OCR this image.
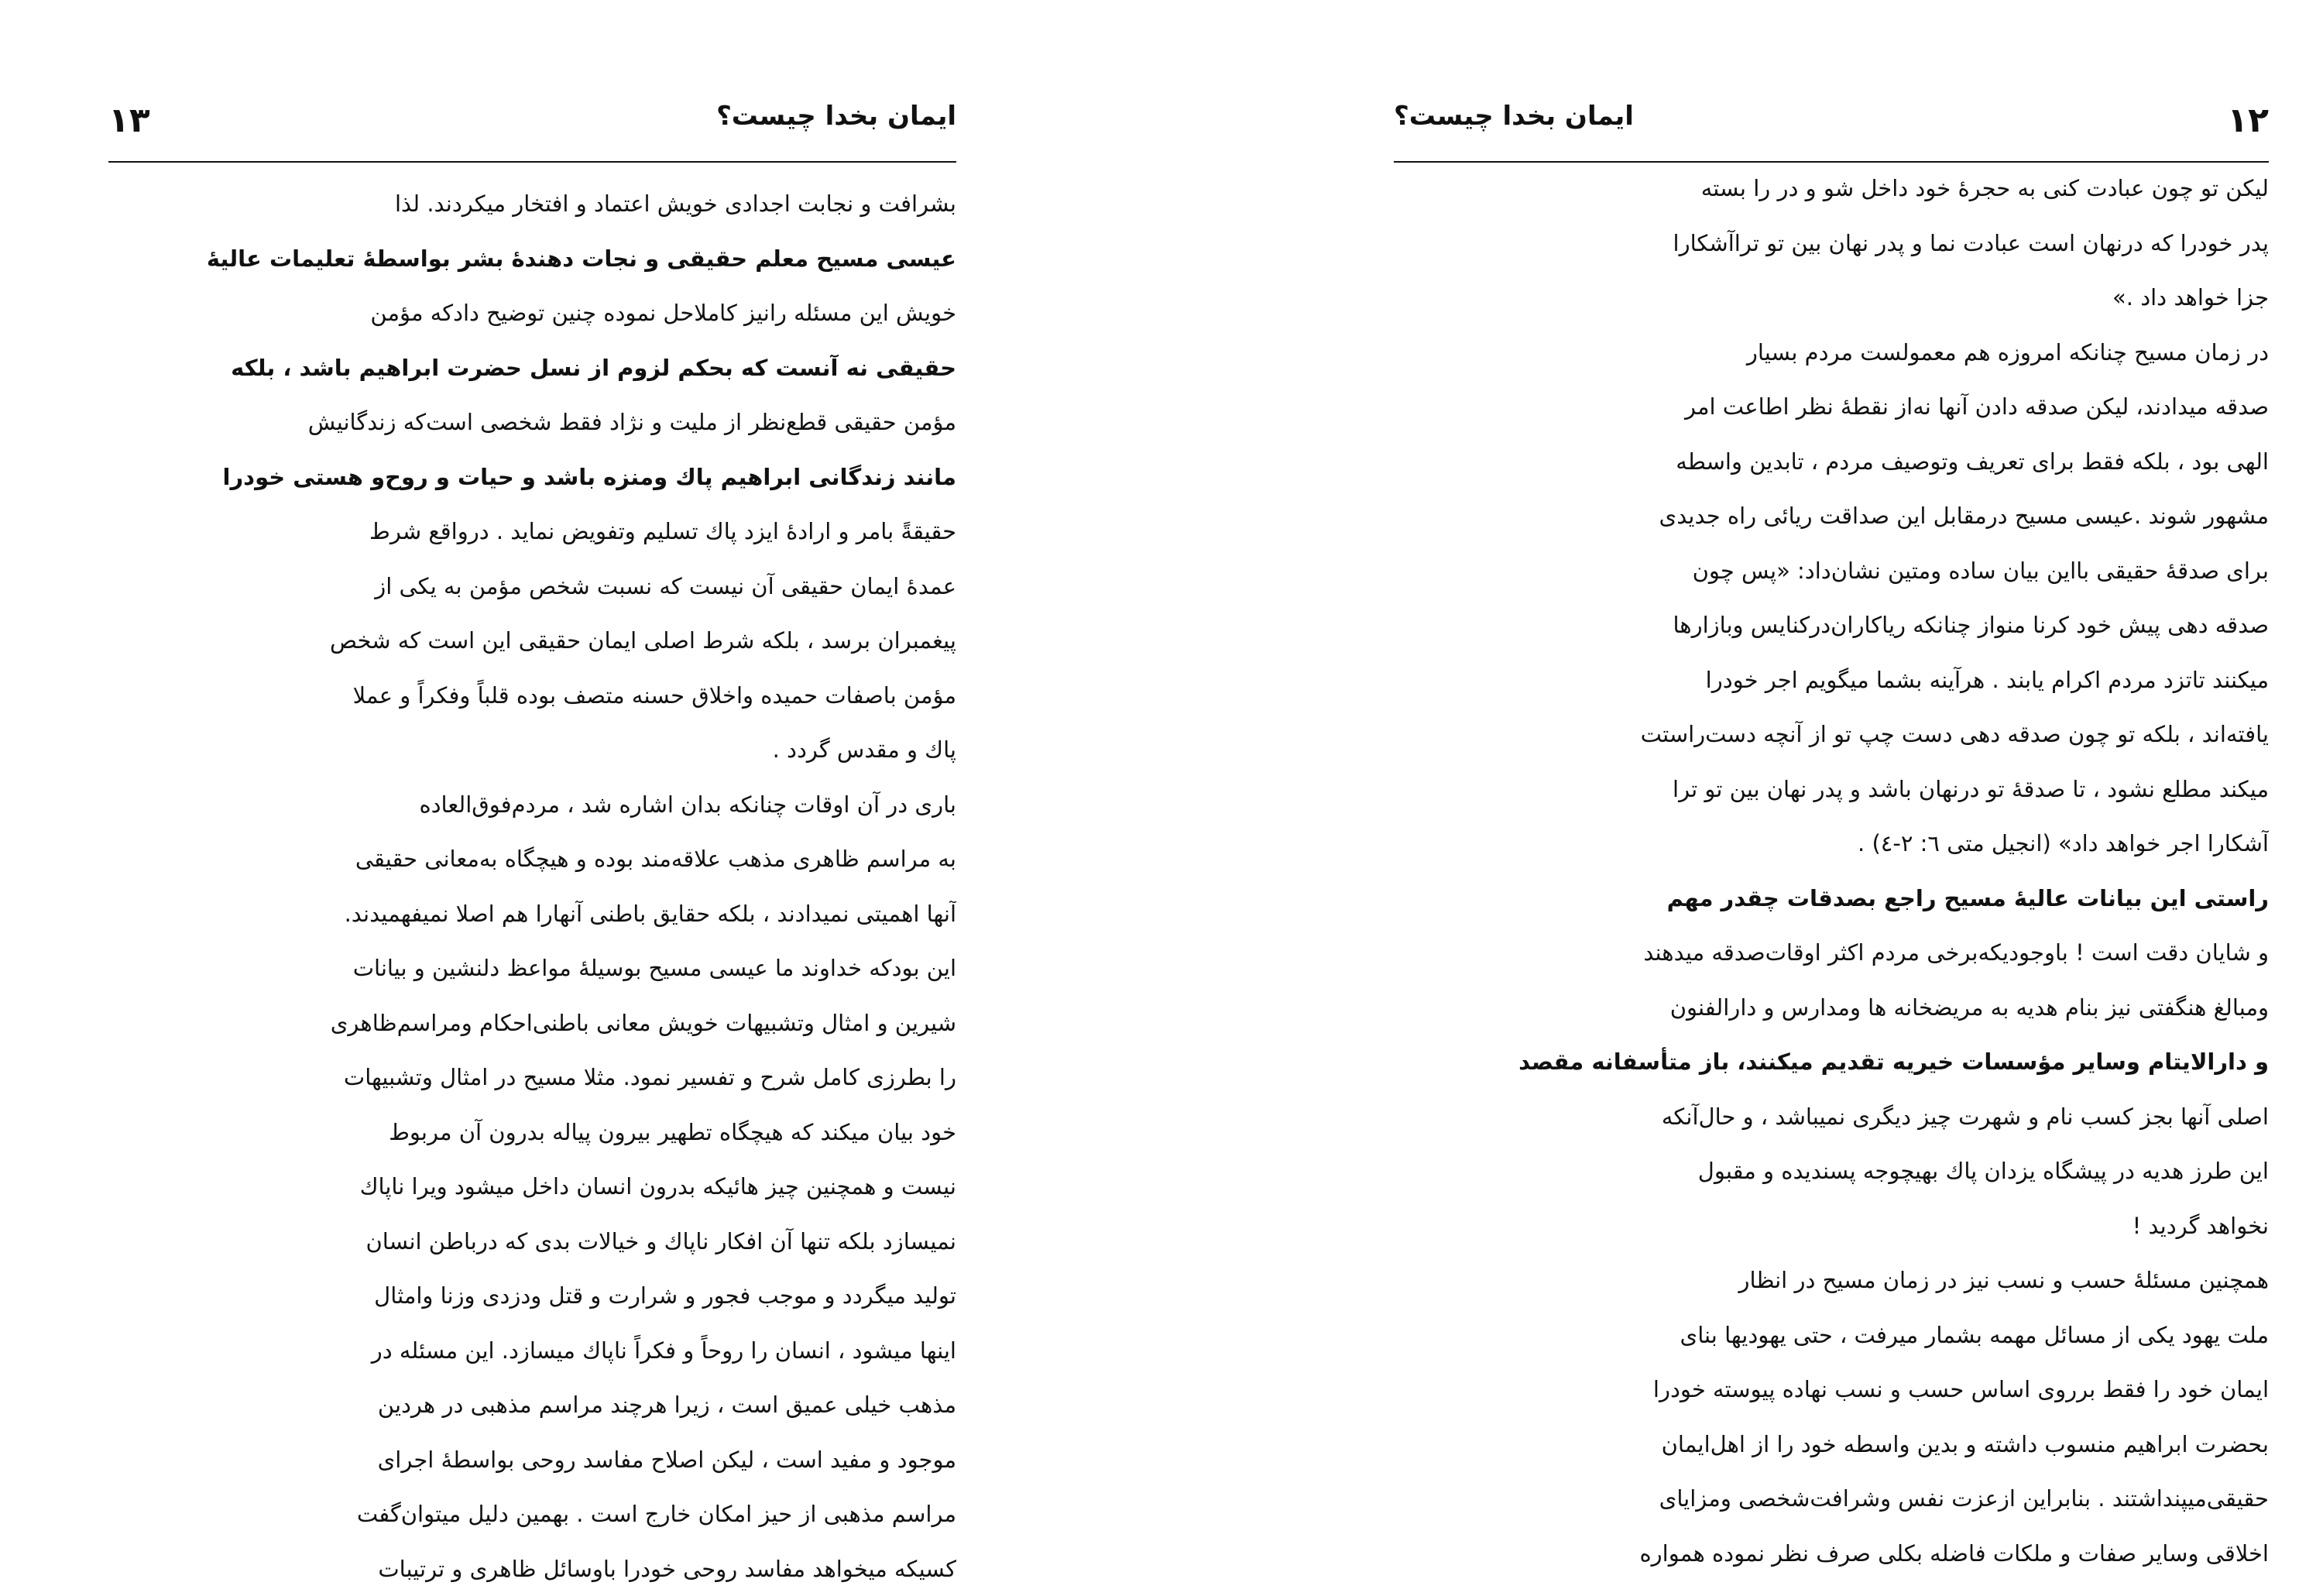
۱۳	ایمان بخدا چیست؟
بشرافت و نجابت اجدادی خویش اعتماد و افتخار میکردند. لذا
عیسی مسیح معلم حقیقی و نجات دهندهٔ بشر بواسطهٔ تعلیمات عالیهٔ
خویش این مسئله رانیز کاملاحل نموده چنین توضیح دادکه مؤمن
حقیقی نه آنست که بحکم لزوم از نسل حضرت ابراهیم باشد ، بلکه
مؤمن حقیقی قطع‌نظر از ملیت و نژاد فقط شخصی است‌که زندگانیش
مانند زندگانی ابراهیم پاك ومنزه باشد و حیات و روح‌و هستی خودرا
حقیقةً بامر و ارادهٔ ایزد پاك تسلیم وتفویض نماید . درواقع شرط
عمدهٔ ایمان حقیقی آن نیست که نسبت شخص مؤمن به یکی از
پیغمبران برسد ، بلکه شرط اصلی ایمان حقیقی این است که شخص
مؤمن باصفات حمیده واخلاق حسنه متصف بوده قلباً وفکراً و عملا
پاك و مقدس گردد .
باری در آن اوقات چنانکه بدان اشاره شد ، مردم‌فوق‌العاده
به مراسم ظاهری مذهب علاقه‌مند بوده و هیچگاه به‌معانی حقیقی
آنها اهمیتی نمیدادند ، بلکه حقایق باطنی آنهارا هم اصلا نمیفهمیدند.
این بودکه خداوند ما عیسی مسیح بوسیلهٔ مواعظ دلنشین و بیانات
شیرین و امثال وتشبیهات خویش معانی باطنی‌احکام ومراسم‌ظاهری
را بطرزی کامل شرح و تفسیر نمود. مثلا مسیح در امثال وتشبیهات
خود بیان میکند که هیچگاه تطهیر بیرون پیاله بدرون آن مربوط
نیست و همچنین چیز هائیکه بدرون انسان داخل میشود ویرا ناپاك
نمیسازد بلکه تنها آن افکار ناپاك و خیالات بدی که درباطن انسان
تولید میگردد و موجب فجور و شرارت و قتل ودزدی وزنا وامثال
اینها میشود ، انسان را روحاً و فکراً ناپاك میسازد. این مسئله در
مذهب خیلی عمیق است ، زیرا هرچند مراسم مذهبی در هردین
موجود و مفید است ، لیکن اصلاح مفاسد روحی بواسطهٔ اجرای
مراسم مذهبی از حیز امکان خارج است . بهمین دلیل میتوان‌گفت
کسیکه میخواهد مفاسد روحی خودرا باوسائل ظاهری و ترتیبات
ایمان بخدا چیست؟	۱۲
لیکن تو چون عبادت کنی به حجرهٔ خود داخل شو و در را بسته
پدر خودرا که درنهان است عبادت نما و پدر نهان بین تو تراآشکارا
جزا خواهد داد .»
در زمان مسیح چنانکه امروزه هم معمولست مردم بسیار
صدقه میدادند، لیکن صدقه دادن آنها نه‌از نقطهٔ نظر اطاعت امر
الهی بود ، بلکه فقط برای تعریف وتوصیف مردم ، تابدین واسطه
مشهور شوند .عیسی مسیح درمقابل این صداقت ریائی راه جدیدی
برای صدقهٔ حقیقی بااین بیان ساده ومتین نشان‌داد: «پس چون
صدقه دهی پیش خود کرنا منواز چنانکه ریاکاران‌در‌کنایس وبازارها
میکنند تاتزد مردم اکرام یابند . هرآینه بشما میگویم اجر خودرا
یافته‌اند ، بلکه تو چون صدقه دهی دست چپ تو از آنچه دست‌راستت
میکند مطلع نشود ، تا صدقهٔ تو درنهان باشد و پدر نهان بین تو ترا
آشکارا اجر خواهد داد» (انجیل متی ٦: ٢-٤) .
راستی این بیانات عالیهٔ مسیح راجع بصدقات چقدر مهم
و شایان دقت است ! باوجودیکه‌برخی مردم اکثر اوقات‌صدقه میدهند
ومبالغ هنگفتی نیز بنام هدیه به مریضخانه ها ومدارس و دارالفنون
و دارالایتام وسایر مؤسسات خیریه تقدیم میکنند، باز متأسفانه مقصد
اصلی آنها بجز کسب نام و شهرت چیز دیگری نمیباشد ، و حال‌آنکه
این طرز هدیه در پیشگاه یزدان پاك بهیچوجه پسندیده و مقبول
نخواهد گردید !
همچنین مسئلهٔ حسب و نسب نیز در زمان مسیح در انظار
ملت یهود یکی از مسائل مهمه بشمار میرفت ، حتی یهودیها بنای
ایمان خود را فقط برروی اساس حسب و نسب نهاده پیوسته خودرا
بحضرت ابراهیم منسوب داشته و بدین واسطه خود را از اهل‌ایمان
حقیقی‌میپنداشتند . بنابراین ازعزت نفس وشرافت‌شخصی ومزایای
اخلاقی وسایر صفات و ملکات فاضله بکلی صرف نظر نموده همواره
